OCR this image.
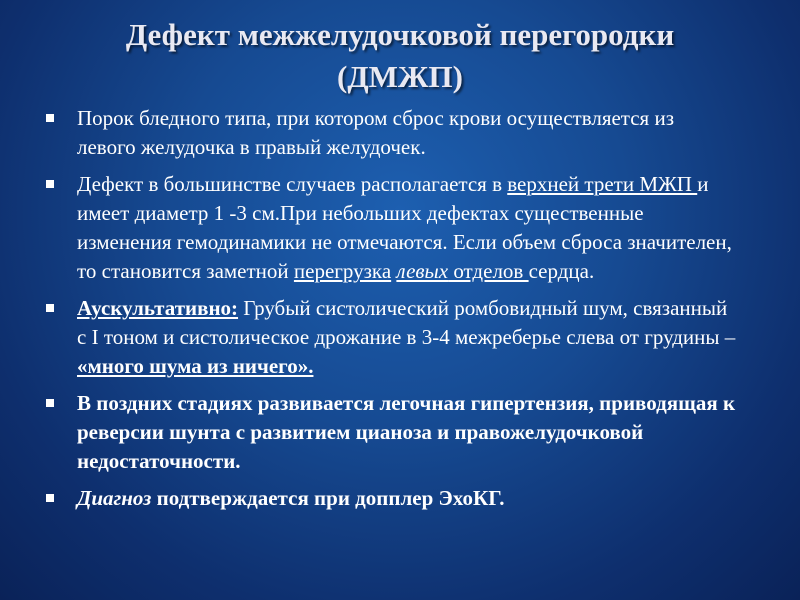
Дефект межжелудочковой перегородки
(ДМЖП)
Порок бледного типа, при котором сброс крови осуществляется из левого желудочка в правый желудочек.
Дефект в большинстве случаев располагается в верхней трети МЖП и имеет диаметр 1 -3 см.При небольших дефектах существенные изменения гемодинамики не отмечаются. Если объем сброса значителен, то становится заметной перегрузка левых отделов сердца.
Аускультативно: Грубый систолический ромбовидный шум, связанный с I тоном и систолическое дрожание в 3-4 межреберье слева от грудины – «много шума из ничего».
В поздних стадиях развивается легочная гипертензия, приводящая к реверсии шунта с развитием цианоза и правожелудочковой недостаточности.
Диагноз подтверждается при допплер ЭхоКГ.
